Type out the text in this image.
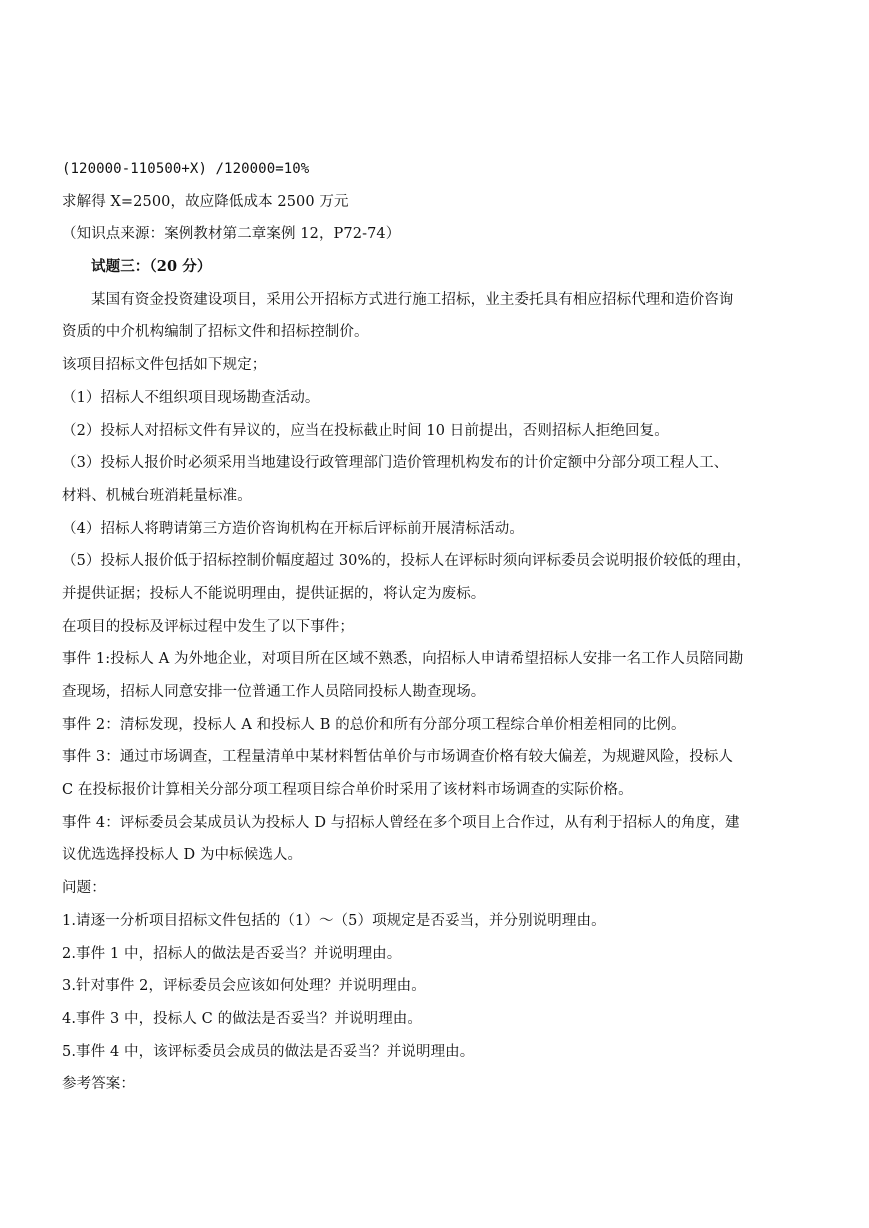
(120000-110500+X) /120000=10%
求解得 X=2500，故应降低成本 2500 万元
（知识点来源：案例教材第二章案例 12，P72-74）
试题三：（20 分）
某国有资金投资建设项目，采用公开招标方式进行施工招标，业主委托具有相应招标代理和造价咨询
资质的中介机构编制了招标文件和招标控制价。
该项目招标文件包括如下规定；
（1）招标人不组织项目现场勘查活动。
（2）投标人对招标文件有异议的，应当在投标截止时间 10 日前提出，否则招标人拒绝回复。
（3）投标人报价时必须采用当地建设行政管理部门造价管理机构发布的计价定额中分部分项工程人工、
材料、机械台班消耗量标准。
（4）招标人将聘请第三方造价咨询机构在开标后评标前开展清标活动。
（5）投标人报价低于招标控制价幅度超过 30%的，投标人在评标时须向评标委员会说明报价较低的理由，
并提供证据；投标人不能说明理由，提供证据的，将认定为废标。
在项目的投标及评标过程中发生了以下事件；
事件 1:投标人 A 为外地企业，对项目所在区域不熟悉，向招标人申请希望招标人安排一名工作人员陪同勘
查现场，招标人同意安排一位普通工作人员陪同投标人勘查现场。
事件 2：清标发现，投标人 A 和投标人 B 的总价和所有分部分项工程综合单价相差相同的比例。
事件 3：通过市场调查，工程量清单中某材料暂估单价与市场调查价格有较大偏差，为规避风险，投标人
C 在投标报价计算相关分部分项工程项目综合单价时采用了该材料市场调查的实际价格。
事件 4：评标委员会某成员认为投标人 D 与招标人曾经在多个项目上合作过，从有利于招标人的角度，建
议优选选择投标人 D 为中标候选人。
问题：
1.请逐一分析项目招标文件包括的（1）～（5）项规定是否妥当，并分别说明理由。
2.事件 1 中，招标人的做法是否妥当？并说明理由。
3.针对事件 2，评标委员会应该如何处理？并说明理由。
4.事件 3 中，投标人 C 的做法是否妥当？并说明理由。
5.事件 4 中，该评标委员会成员的做法是否妥当？并说明理由。
参考答案：
